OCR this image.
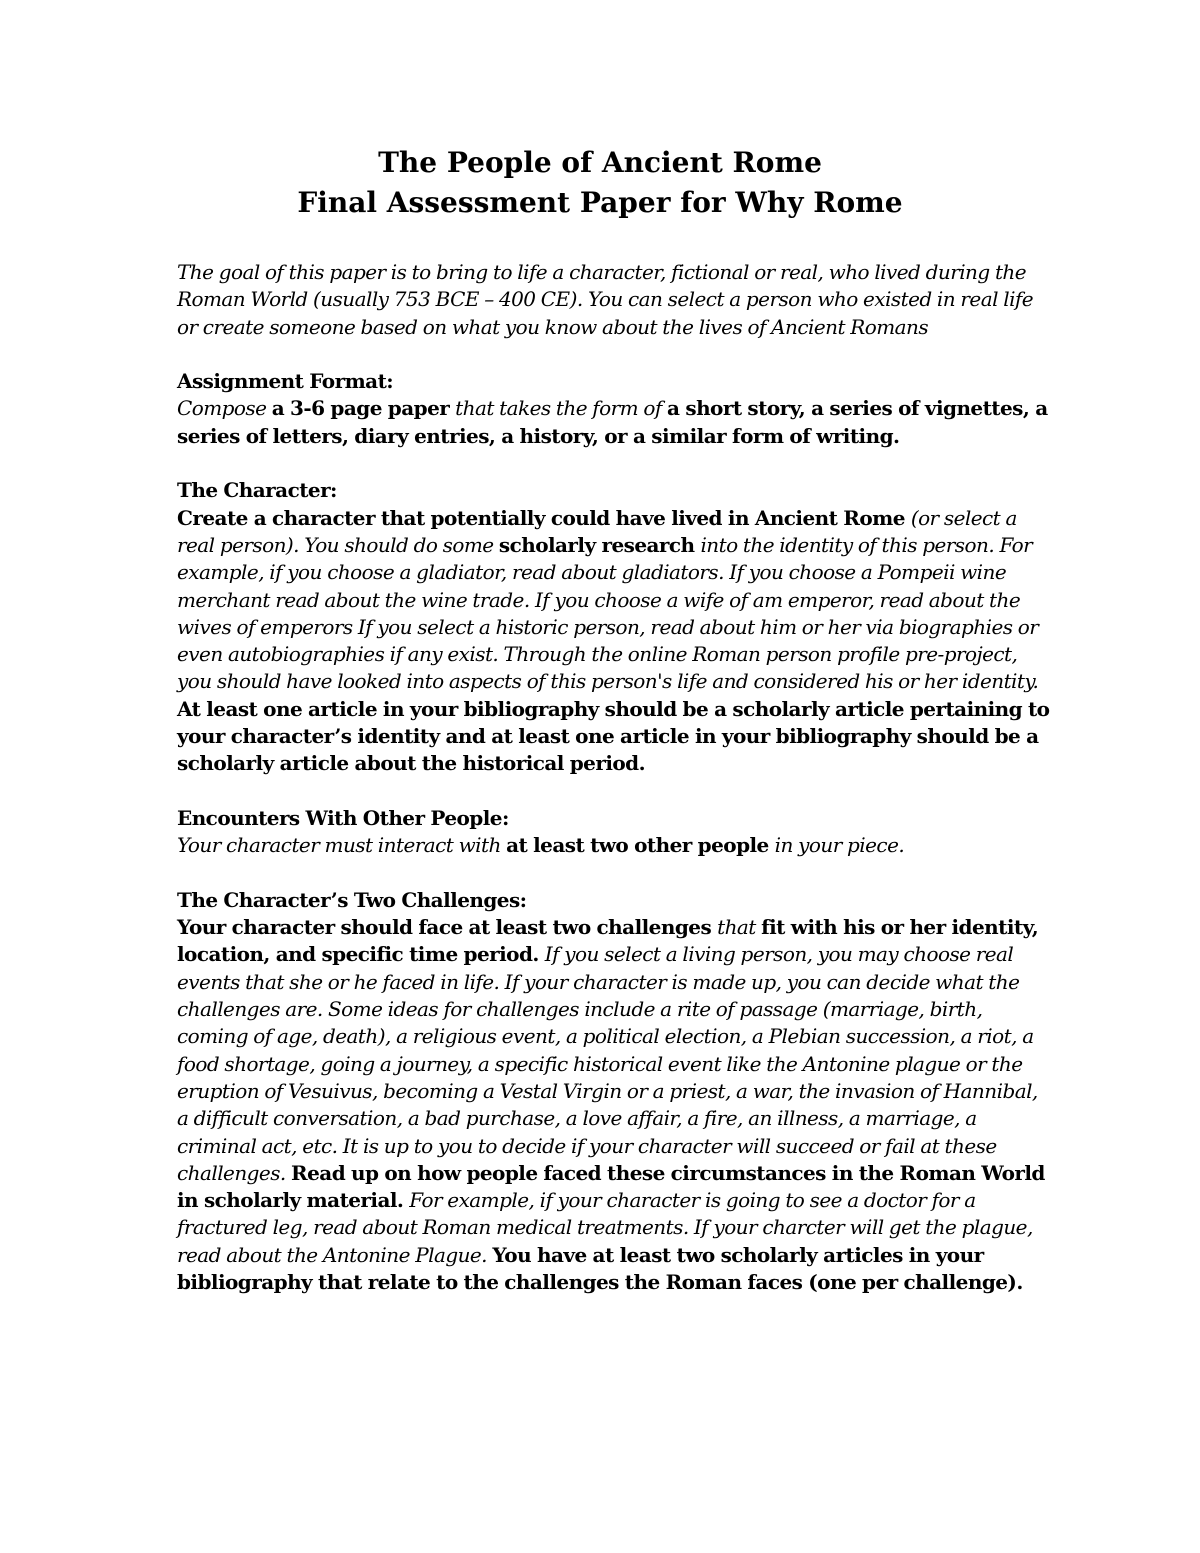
The People of Ancient Rome
Final Assessment Paper for Why Rome

The goal of this paper is to bring to life a character, fictional or real, who lived during the Roman World (usually 753 BCE – 400 CE). You can select a person who existed in real life or create someone based on what you know about the lives of Ancient Romans

Assignment Format:
Compose a 3-6 page paper that takes the form of a short story, a series of vignettes, a series of letters, diary entries, a history, or a similar form of writing.
The Character:
Create a character that potentially could have lived in Ancient Rome (or select a real person). You should do some scholarly research into the identity of this person. For example, if you choose a gladiator, read about gladiators. If you choose a Pompeii wine merchant read about the wine trade. If you choose a wife of am emperor, read about the wives of emperors If you select a historic person, read about him or her via biographies or even autobiographies if any exist. Through the online Roman person profile pre-project, you should have looked into aspects of this person's life and considered his or her identity. At least one article in your bibliography should be a scholarly article pertaining to your character’s identity and at least one article in your bibliography should be a scholarly article about the historical period.
Encounters With Other People:
Your character must interact with at least two other people in your piece.
The Character’s Two Challenges:
Your character should face at least two challenges that fit with his or her identity, location, and specific time period. If you select a living person, you may choose real events that she or he faced in life. If your character is made up, you can decide what the challenges are. Some ideas for challenges include a rite of passage (marriage, birth, coming of age, death), a religious event, a political election, a Plebian succession, a riot, a food shortage, going a journey, a specific historical event like the Antonine plague or the eruption of Vesuivus, becoming a Vestal Virgin or a priest, a war, the invasion of Hannibal, a difficult conversation, a bad purchase, a love affair, a fire, an illness, a marriage, a criminal act, etc. It is up to you to decide if your character will succeed or fail at these challenges. Read up on how people faced these circumstances in the Roman World in scholarly material. For example, if your character is going to see a doctor for a fractured leg, read about Roman medical treatments. If your charcter will get the plague, read about the Antonine Plague. You have at least two scholarly articles in your bibliography that relate to the challenges the Roman faces (one per challenge).
